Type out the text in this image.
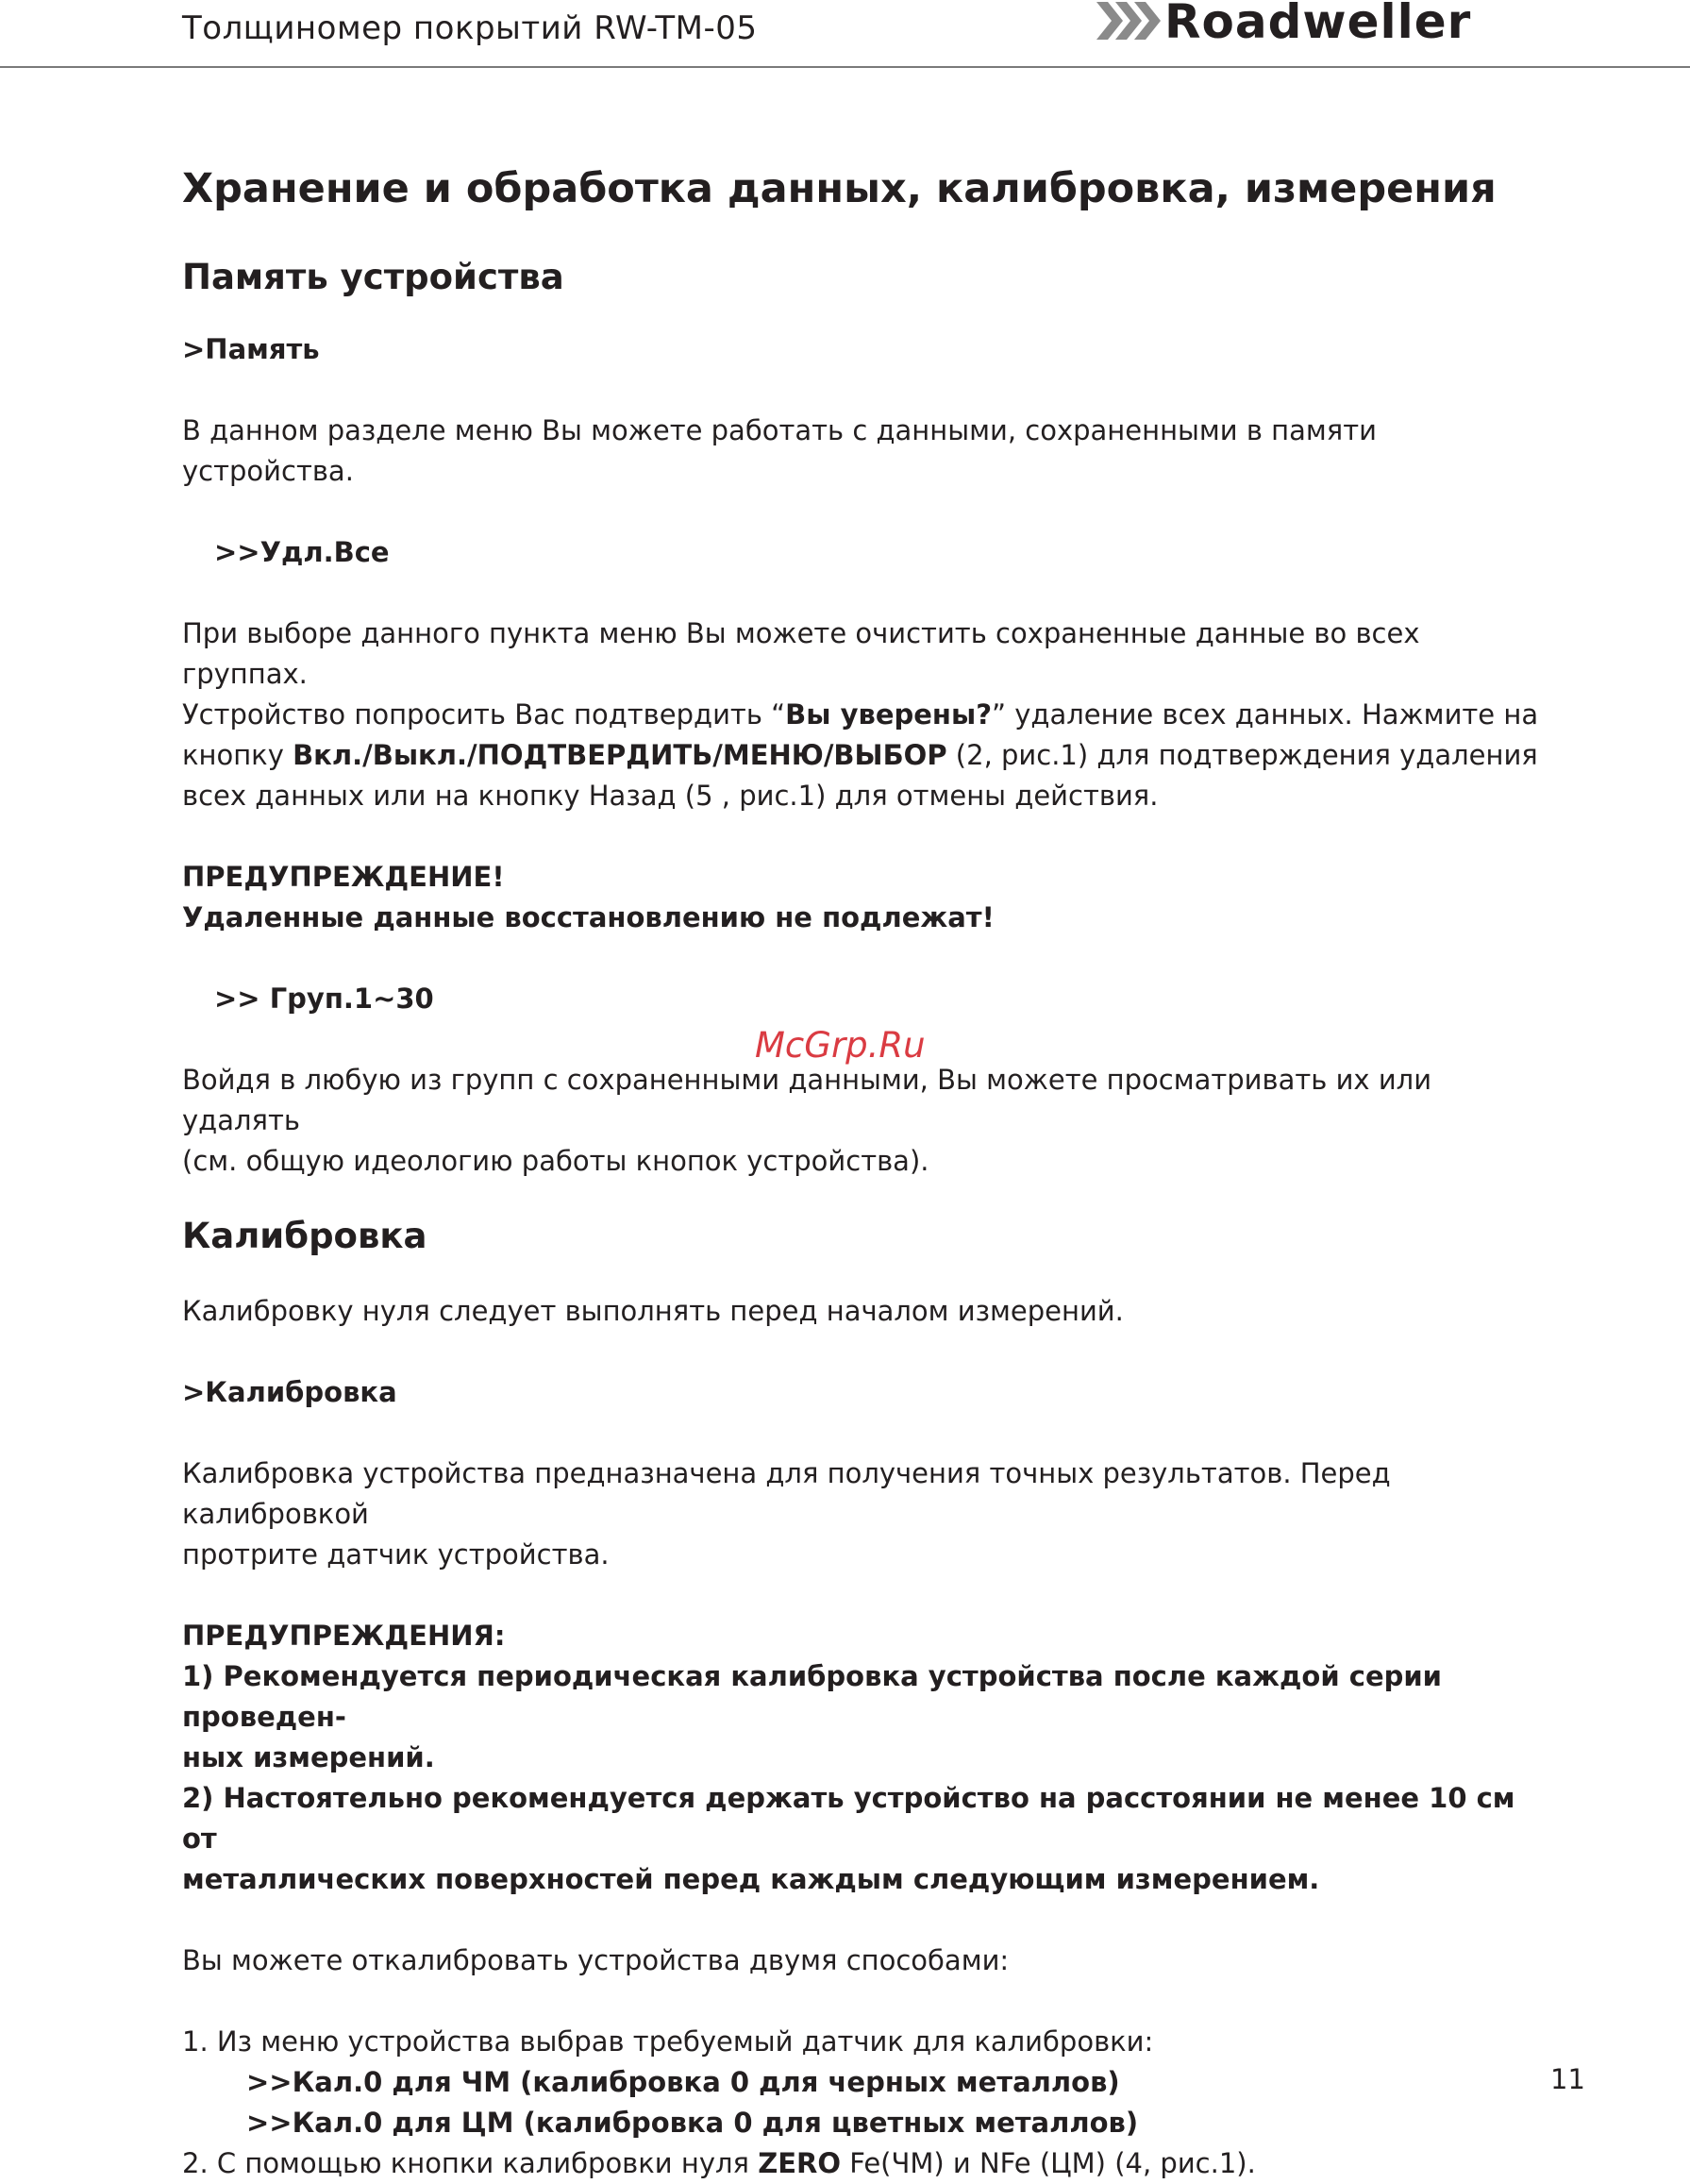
Толщиномер покрытий RW-TM-05	Roadweller
Хранение и обработка данных, калибровка, измерения
Память устройства

>Память

В данном разделе меню Вы можете работать с данными, сохраненными в памяти устройства.

>>Удл.Все

При выборе данного пункта меню Вы можете очистить сохраненные данные во всех группах.

Устройство попросить Вас подтвердить “Вы уверены?” удаление всех данных. Нажмите на

кнопку Вкл./Выкл./ПОДТВЕРДИТЬ/МЕНЮ/ВЫБОР (2, рис.1) для подтверждения удаления

всех данных или на кнопку Назад (5 , рис.1) для отмены действия.

ПРЕДУПРЕЖДЕНИЕ!

Удаленные данные восстановлению не подлежат!

>> Груп.1~30

Войдя в любую из групп с сохраненными данными, Вы можете просматривать их или удалять

(см. общую идеологию работы кнопок устройства).

Калибровка

Калибровку нуля следует выполнять перед началом измерений.

>Калибровка

Калибровка устройства предназначена для получения точных результатов. Перед калибровкой

протрите датчик устройства.

ПРЕДУПРЕЖДЕНИЯ:

1) Рекомендуется периодическая калибровка устройства после каждой серии проведен-

ных измерений.

2) Настоятельно рекомендуется держать устройство на расстоянии не менее 10 см от

металлических поверхностей перед каждым следующим измерением.

Вы можете откалибровать устройства двумя способами:

1. Из меню устройства выбрав требуемый датчик для калибровки:

>>Кал.0 для ЧМ (калибровка 0 для черных металлов)

>>Кал.0 для ЦМ (калибровка 0 для цветных металлов)

2. С помощью кнопки калибровки нуля ZERO Fe(ЧМ) и NFe (ЦМ) (4, рис.1).

McGrp.Ru
11
